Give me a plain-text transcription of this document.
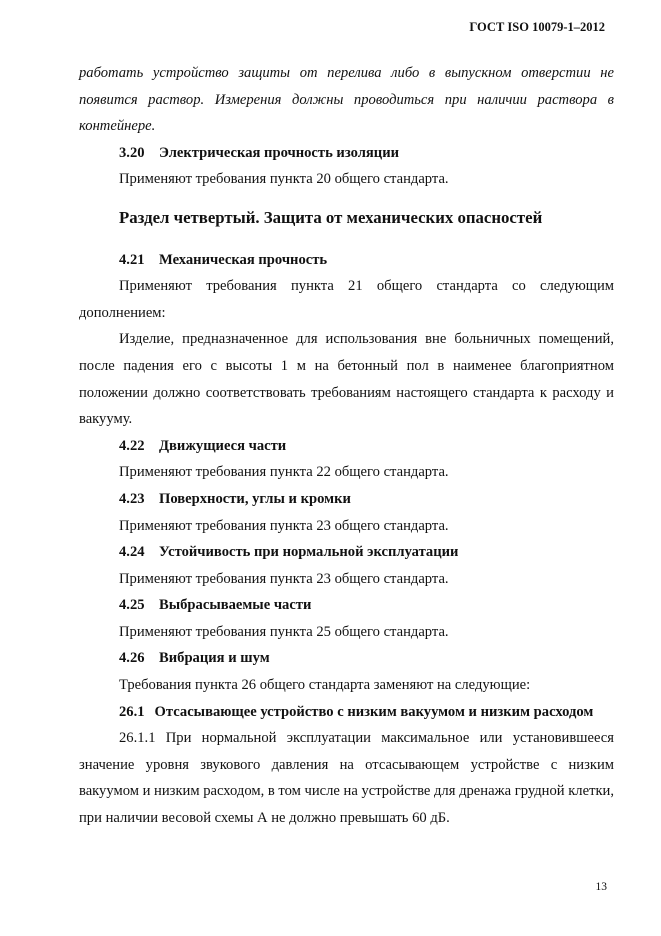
ГОСТ ISO 10079-1–2012

работать устройство защиты от перелива либо в выпускном отверстии не появится раствор. Измерения должны проводиться при наличии раствора в контейнере.

3.20 Электрическая прочность изоляции

Применяют требования пункта 20 общего стандарта.

Раздел четвертый. Защита от механических опасностей
4.21 Механическая прочность

Применяют требования пункта 21 общего стандарта со следующим дополнением:

Изделие, предназначенное для использования вне больничных помещений, после падения его с высоты 1 м на бетонный пол в наименее благоприятном положении должно соответствовать требованиям настоящего стандарта к расходу и вакууму.

4.22 Движущиеся части

Применяют требования пункта 22 общего стандарта.

4.23 Поверхности, углы и кромки

Применяют требования пункта 23 общего стандарта.

4.24 Устойчивость при нормальной эксплуатации

Применяют требования пункта 23 общего стандарта.

4.25 Выбрасываемые части

Применяют требования пункта 25 общего стандарта.

4.26 Вибрация и шум

Требования пункта 26 общего стандарта заменяют на следующие:

26.1 Отсасывающее устройство с низким вакуумом и низким расходом

26.1.1 При нормальной эксплуатации максимальное или установившееся значение уровня звукового давления на отсасывающем устройстве с низким вакуумом и низким расходом, в том числе на устройстве для дренажа грудной клетки, при наличии весовой схемы А не должно превышать 60 дБ.

13
